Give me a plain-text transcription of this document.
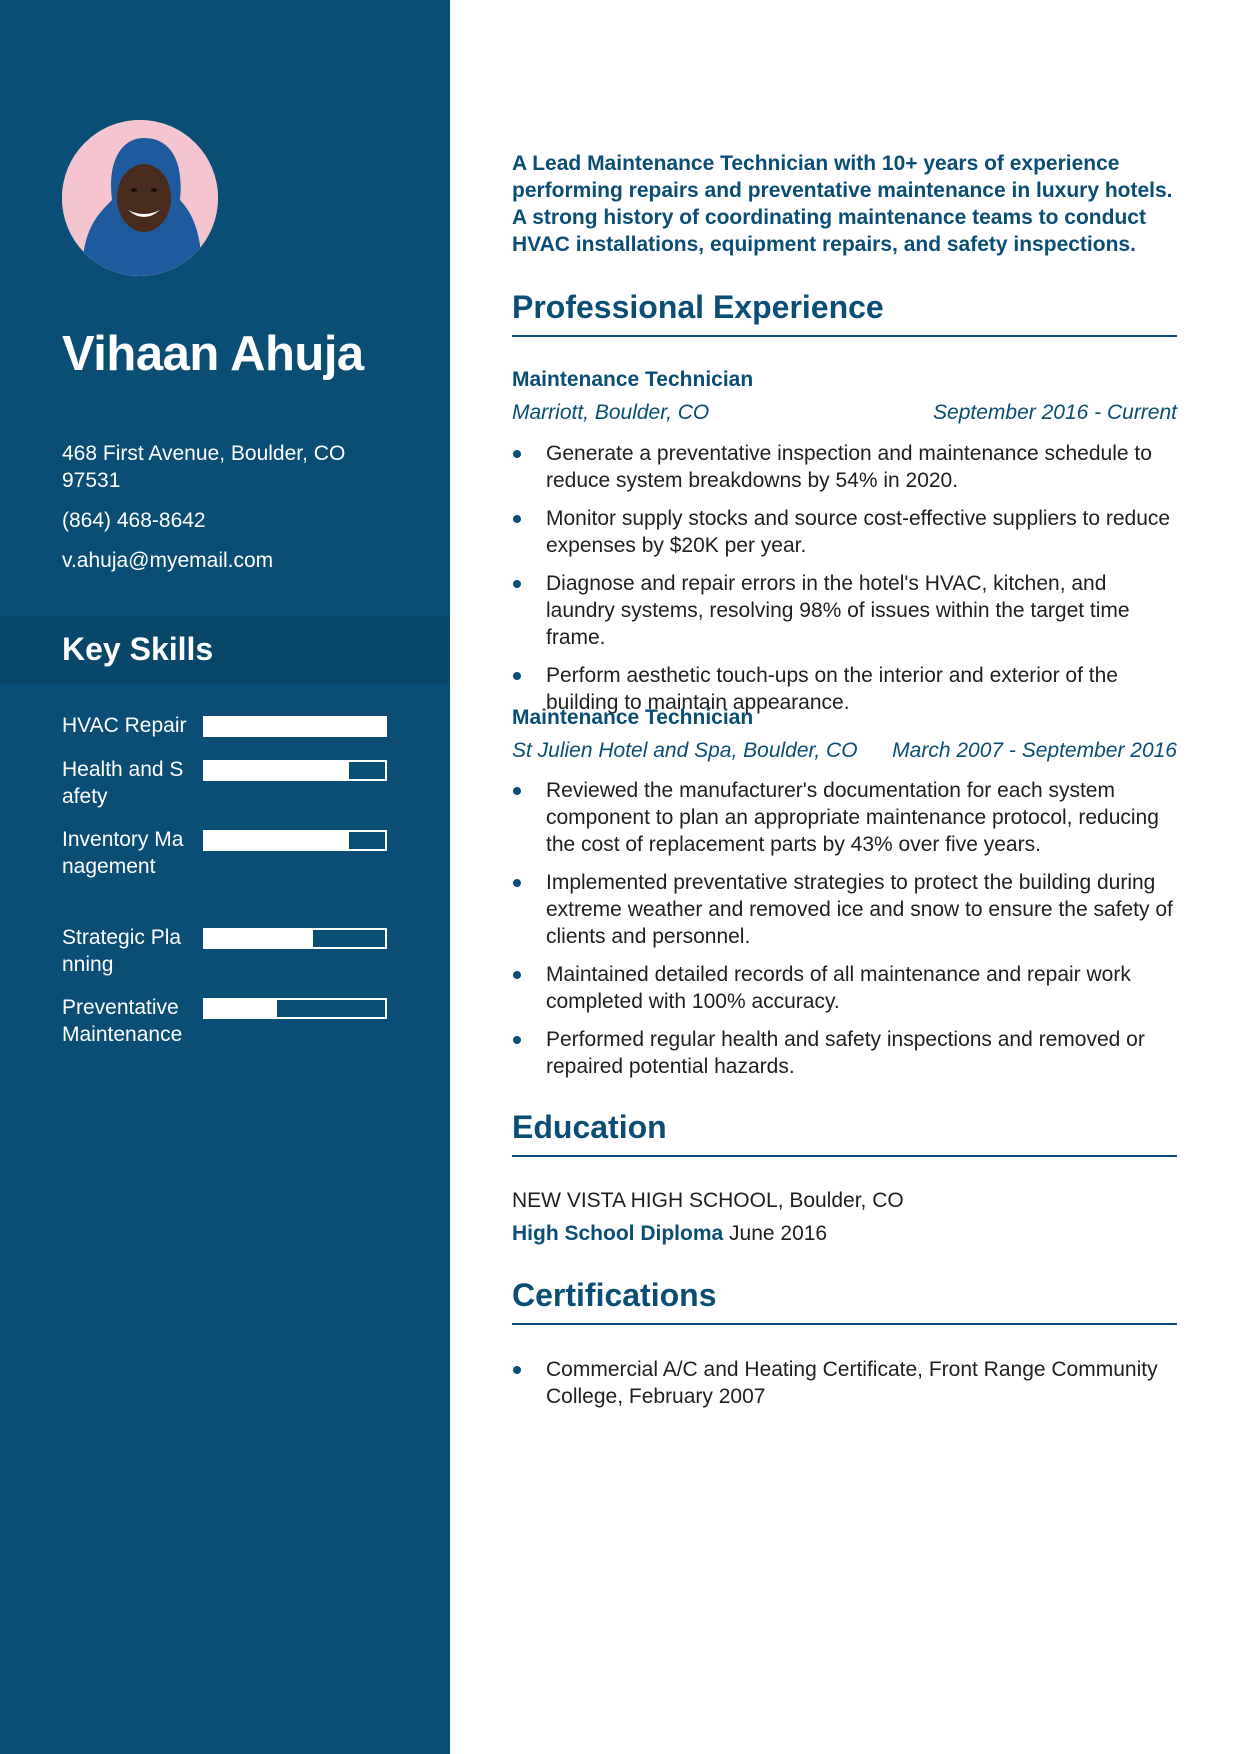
Vihaan Ahuja
468 First Avenue, Boulder, CO 97531
(864) 468-8642
v.ahuja@myemail.com
Key Skills
HVAC Repair
Health and Safety
Inventory Management
Strategic Planning
Preventative Maintenance

A Lead Maintenance Technician with 10+ years of experience performing repairs and preventative maintenance in luxury hotels. A strong history of coordinating maintenance teams to conduct HVAC installations, equipment repairs, and safety inspections.

Professional Experience
Maintenance Technician
Marriott, Boulder, CO	September 2016 - Current
Generate a preventative inspection and maintenance schedule to reduce system breakdowns by 54% in 2020.
Monitor supply stocks and source cost-effective suppliers to reduce expenses by $20K per year.
Diagnose and repair errors in the hotel's HVAC, kitchen, and laundry systems, resolving 98% of issues within the target time frame.
Perform aesthetic touch-ups on the interior and exterior of the building to maintain appearance.
Maintenance Technician
St Julien Hotel and Spa, Boulder, CO March 2007 - September 2016
Reviewed the manufacturer's documentation for each system component to plan an appropriate maintenance protocol, reducing the cost of replacement parts by 43% over five years.
Implemented preventative strategies to protect the building during extreme weather and removed ice and snow to ensure the safety of clients and personnel.
Maintained detailed records of all maintenance and repair work completed with 100% accuracy.
Performed regular health and safety inspections and removed or repaired potential hazards.
Education
NEW VISTA HIGH SCHOOL, Boulder, CO
High School Diploma June 2016
Certifications
Commercial A/C and Heating Certificate, Front Range Community College, February 2007
